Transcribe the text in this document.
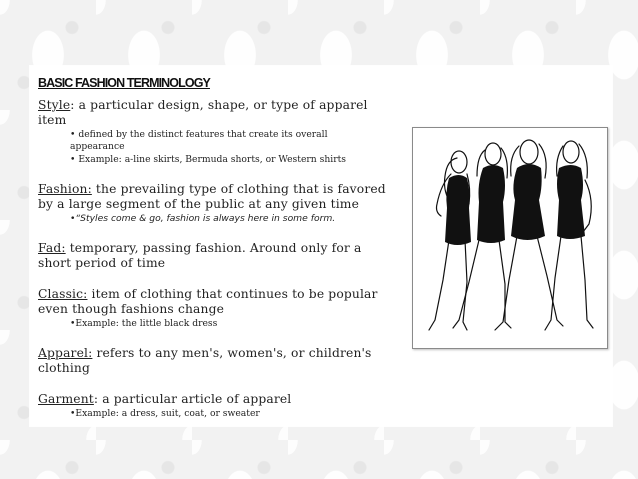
BASIC FASHION TERMINOLOGY

Style: a particular design, shape, or type of apparel item

• defined by the distinct features that create its overall appearance

• Example: a-line skirts, Bermuda shorts, or Western shirts

Fashion: the prevailing type of clothing that is favored by a large segment of the public at any given time

•“Styles come & go, fashion is always here in some form.

Fad: temporary, passing fashion. Around only for a short period of time

Classic: item of clothing that continues to be popular even though fashions change

•Example: the little black dress

Apparel: refers to any men's, women's, or children's clothing

Garment: a particular article of apparel

•Example: a dress, suit, coat, or sweater
